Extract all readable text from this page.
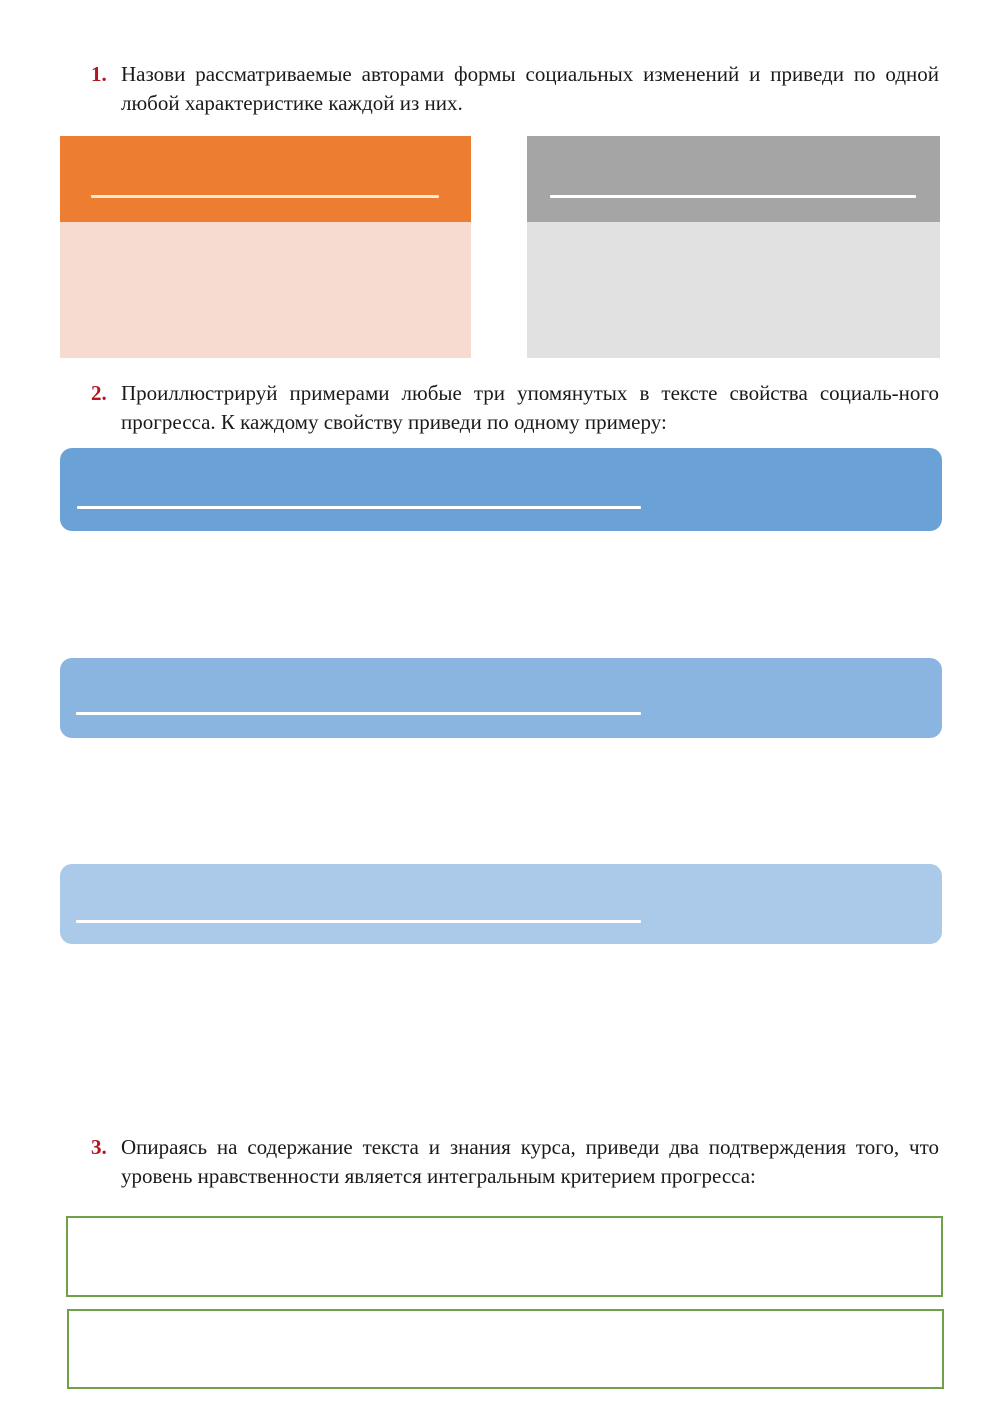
1. Назови рассматриваемые авторами формы социальных изменений и приведи по одной любой характеристике каждой из них.
2. Проиллюстрируй примерами любые три упомянутых в тексте свойства социаль-ного прогресса. К каждому свойству приведи по одному примеру:
3. Опираясь на содержание текста и знания курса, приведи два подтверждения того, что уровень нравственности является интегральным критерием прогресса:
